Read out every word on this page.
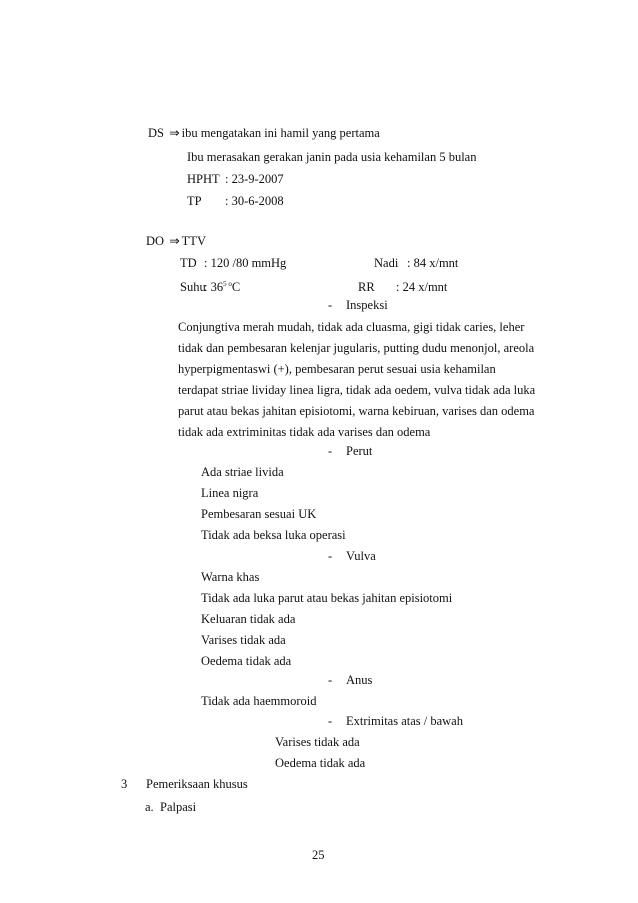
DS ⇒ ibu mengatakan ini hamil yang pertama
Ibu merasakan gerakan janin pada usia kehamilan 5 bulan
HPHT : 23-9-2007
TP : 30-6-2008
DO ⇒ TTV
TD : 120 /80 mmHg	Nadi : 84 x/mnt
Suhu: $36^{5 o}C$	RR : 24 x/mnt
- Inspeksi
Conjungtiva merah mudah, tidak ada cluasma, gigi tidak caries, leher
tidak dan pembesaran kelenjar jugularis, putting dudu menonjol, areola
hyperpigmentaswi (+), pembesaran perut sesuai usia kehamilan
terdapat striae lividay linea ligra, tidak ada oedem, vulva tidak ada luka
parut atau bekas jahitan episiotomi, warna kebiruan, varises dan odema
tidak ada extriminitas tidak ada varises dan odema
- Perut
Ada striae livida
Linea nigra
Pembesaran sesuai UK
Tidak ada beksa luka operasi
- Vulva
Warna khas
Tidak ada luka parut atau bekas jahitan episiotomi
Keluaran tidak ada
Varises tidak ada
Oedema tidak ada
- Anus
Tidak ada haemmoroid
- Extrimitas atas / bawah
Varises tidak ada
Oedema tidak ada
3 Pemeriksaan khusus
a. Palpasi
25
